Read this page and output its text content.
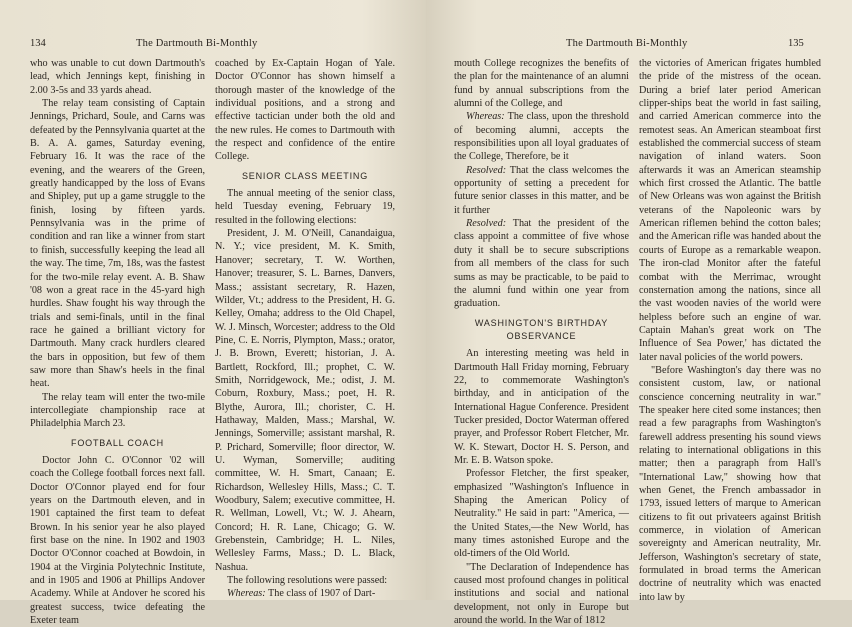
134	The Dartmouth Bi-Monthly

who was unable to cut down Dartmouth's lead, which Jennings kept, finishing in 2.00 3-5s and 33 yards ahead.

The relay team consisting of Captain Jennings, Prichard, Soule, and Carns was defeated by the Pennsylvania quartet at the B. A. A. games, Saturday evening, February 16. It was the race of the evening, and the wearers of the Green, greatly handicapped by the loss of Evans and Shipley, put up a game struggle to the finish, losing by fifteen yards. Pennsylvania was in the prime of condition and ran like a winner from start to finish, successfully keeping the lead all the way. The time, 7m, 18s, was the fastest for the two-mile relay event. A. B. Shaw '08 won a great race in the 45-yard high hurdles. Shaw fought his way through the trials and semi-finals, until in the final race he gained a brilliant victory for Dartmouth. Many crack hurdlers cleared the bars in opposition, but few of them saw more than Shaw's heels in the final heat.

The relay team will enter the two-mile intercollegiate championship race at Philadelphia March 23.

FOOTBALL COACH

Doctor John C. O'Connor '02 will coach the College football forces next fall. Doctor O'Connor played end for four years on the Dartmouth eleven, and in 1901 captained the first team to defeat Brown. In his senior year he also played first base on the nine. In 1902 and 1903 Doctor O'Connor coached at Bowdoin, in 1904 at the Virginia Polytechnic Institute, and in 1905 and 1906 at Phillips Andover Academy. While at Andover he scored his greatest success, twice defeating the Exeter team

coached by Ex-Captain Hogan of Yale. Doctor O'Connor has shown himself a thorough master of the knowledge of the individual positions, and a strong and effective tactician under both the old and the new rules. He comes to Dartmouth with the respect and confidence of the entire College.

SENIOR CLASS MEETING

The annual meeting of the senior class, held Tuesday evening, February 19, resulted in the following elections:

President, J. M. O'Neill, Canandaigua, N. Y.; vice president, M. K. Smith, Hanover; secretary, T. W. Worthen, Hanover; treasurer, S. L. Barnes, Danvers, Mass.; assistant secretary, R. Hazen, Wilder, Vt.; address to the President, H. G. Kelley, Omaha; address to the Old Chapel, W. J. Minsch, Worcester; address to the Old Pine, C. E. Norris, Plympton, Mass.; orator, J. B. Brown, Everett; historian, J. A. Bartlett, Rockford, Ill.; prophet, C. W. Smith, Norridgewock, Me.; odist, J. M. Coburn, Roxbury, Mass.; poet, H. R. Blythe, Aurora, Ill.; chorister, C. H. Hathaway, Malden, Mass.; Marshal, W. Jennings, Somerville; assistant marshal, R. P. Prichard, Somerville; floor director, W. U. Wyman, Somerville; auditing committee, W. H. Smart, Canaan; E. Richardson, Wellesley Hills, Mass.; C. T. Woodbury, Salem; executive committee, H. R. Wellman, Lowell, Vt.; W. J. Ahearn, Concord; H. R. Lane, Chicago; G. W. Grebenstein, Cambridge; H. L. Niles, Wellesley Farms, Mass.; D. L. Black, Nashua.

The following resolutions were passed:

Whereas: The class of 1907 of Dart-

The Dartmouth Bi-Monthly	135

mouth College recognizes the benefits of the plan for the maintenance of an alumni fund by annual subscriptions from the alumni of the College, and

Whereas: The class, upon the threshold of becoming alumni, accepts the responsibilities upon all loyal graduates of the College, Therefore, be it

Resolved: That the class welcomes the opportunity of setting a precedent for future senior classes in this matter, and be it further

Resolved: That the president of the class appoint a committee of five whose duty it shall be to secure subscriptions from all members of the class for such sums as may be practicable, to be paid to the alumni fund within one year from graduation.

WASHINGTON'S BIRTHDAY OBSERVANCE

An interesting meeting was held in Dartmouth Hall Friday morning, February 22, to commemorate Washington's birthday, and in anticipation of the International Hague Conference. President Tucker presided, Doctor Waterman offered prayer, and Professor Robert Fletcher, Mr. W. K. Stewart, Doctor H. S. Person, and Mr. E. B. Watson spoke.

Professor Fletcher, the first speaker, emphasized "Washington's Influence in Shaping the American Policy of Neutrality." He said in part: "America, —the United States,—the New World, has many times astonished Europe and the old-timers of the Old World.

"The Declaration of Independence has caused most profound changes in political institutions and social and national development, not only in Europe but around the world. In the War of 1812

the victories of American frigates humbled the pride of the mistress of the ocean. During a brief later period American clipper-ships beat the world in fast sailing, and carried American commerce into the remotest seas. An American steamboat first established the commercial success of steam navigation of inland waters. Soon afterwards it was an American steamship which first crossed the Atlantic. The battle of New Orleans was won against the British veterans of the Napoleonic wars by American riflemen behind the cotton bales; and the American rifle was handed about the courts of Europe as a remarkable weapon. The iron-clad Monitor after the fateful combat with the Merrimac, wrought consternation among the nations, since all the vast wooden navies of the world were helpless before such an engine of war. Captain Mahan's great work on 'The Influence of Sea Power,' has dictated the later naval policies of the world powers.

"Before Washington's day there was no consistent custom, law, or national conscience concerning neutrality in war." The speaker here cited some instances; then read a few paragraphs from Washington's farewell address presenting his sound views relating to international obligations in this matter; then a paragraph from Hall's "International Law," showing how that when Genet, the French ambassador in 1793, issued letters of marque to American citizens to fit out privateers against British commerce, in violation of American sovereignty and American neutrality, Mr. Jefferson, Washington's secretary of state, formulated in broad terms the American doctrine of neutrality which was enacted into law by
